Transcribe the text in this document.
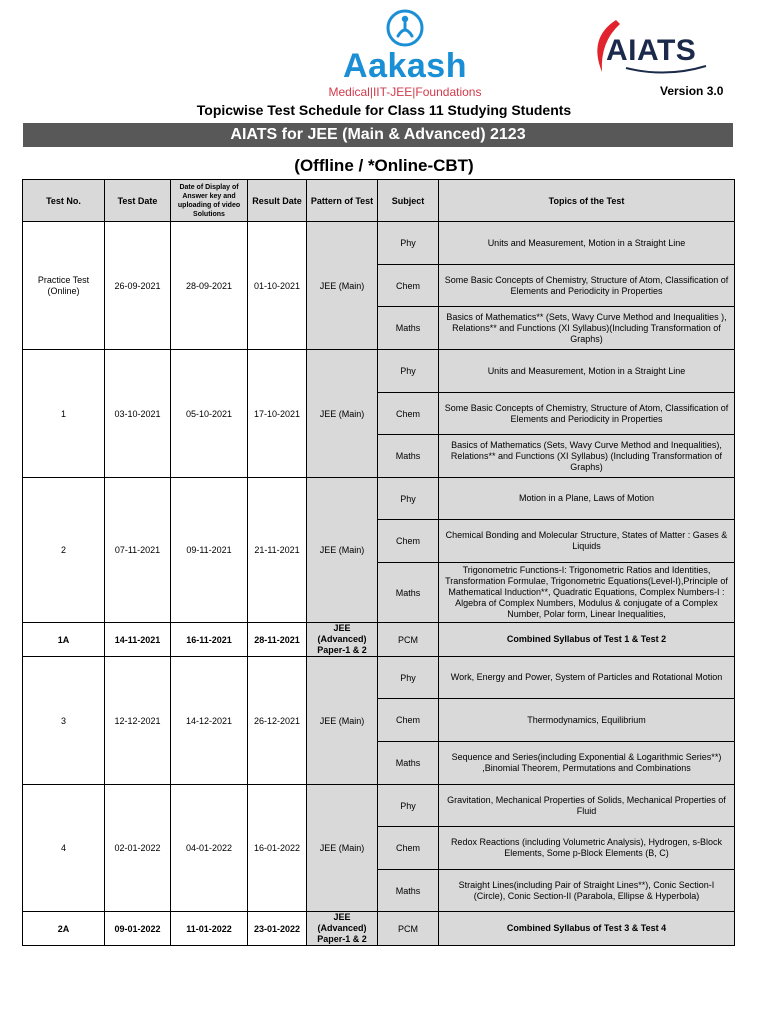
Aakash
Medical|IIT-JEE|Foundations
AIATS
Version 3.0
Topicwise Test Schedule for Class 11 Studying Students
AIATS for JEE (Main & Advanced) 2123
(Offline / *Online-CBT)
Test No.	Test Date	Date of Display of Answer key and uploading of video Solutions	Result Date	Pattern of Test	Subject	Topics of the Test
Practice Test (Online)	26-09-2021	28-09-2021	01-10-2021	JEE (Main)	Phy	Units and Measurement, Motion in a Straight Line
					Chem	Some Basic Concepts of Chemistry, Structure of Atom, Classification of Elements and Periodicity in Properties
					Maths	Basics of Mathematics** (Sets, Wavy Curve Method and Inequalities ), Relations** and Functions (XI Syllabus)(Including Transformation of Graphs)
1	03-10-2021	05-10-2021	17-10-2021	JEE (Main)	Phy	Units and Measurement, Motion in a Straight Line
					Chem	Some Basic Concepts of Chemistry, Structure of Atom, Classification of Elements and Periodicity in Properties
					Maths	Basics of Mathematics (Sets, Wavy Curve Method and Inequalities), Relations** and Functions (XI Syllabus) (Including Transformation of Graphs)
2	07-11-2021	09-11-2021	21-11-2021	JEE (Main)	Phy	Motion in a Plane, Laws of Motion
					Chem	Chemical Bonding and Molecular Structure, States of Matter : Gases & Liquids
					Maths	Trigonometric Functions-I: Trigonometric Ratios and Identities, Transformation Formulae, Trigonometric Equations(Level-I),Principle of Mathematical Induction**, Quadratic Equations, Complex Numbers-I : Algebra of Complex Numbers, Modulus & conjugate of a Complex Number, Polar form, Linear Inequalities,
1A	14-11-2021	16-11-2021	28-11-2021	JEE (Advanced) Paper-1 & 2	PCM	Combined Syllabus of Test 1 & Test 2
3	12-12-2021	14-12-2021	26-12-2021	JEE (Main)	Phy	Work, Energy and Power, System of Particles and Rotational Motion
					Chem	Thermodynamics, Equilibrium
					Maths	Sequence and Series(including Exponential & Logarithmic Series**) ,Binomial Theorem, Permutations and Combinations
4	02-01-2022	04-01-2022	16-01-2022	JEE (Main)	Phy	Gravitation, Mechanical Properties of Solids, Mechanical Properties of Fluid
					Chem	Redox Reactions (including Volumetric Analysis), Hydrogen, s-Block Elements, Some p-Block Elements (B, C)
					Maths	Straight Lines(including Pair of Straight Lines**), Conic Section-I (Circle), Conic Section-II (Parabola, Ellipse & Hyperbola)
2A	09-01-2022	11-01-2022	23-01-2022	JEE (Advanced) Paper-1 & 2	PCM	Combined Syllabus of Test 3 & Test 4
